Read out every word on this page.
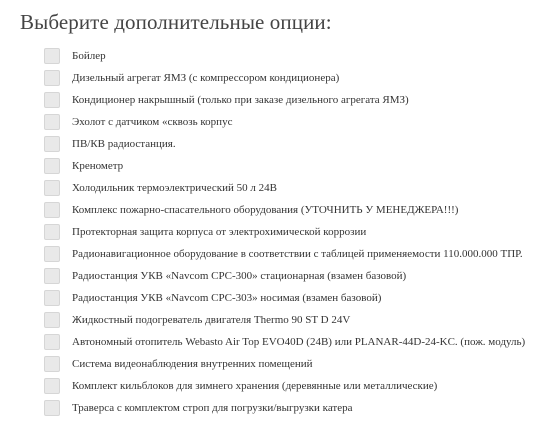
Выберите дополнительные опции:
Бойлер
Дизельный агрегат ЯМЗ (с компрессором кондиционера)
Кондиционер накрышный (только при заказе дизельного агрегата ЯМЗ)
Эхолот с датчиком «сквозь корпус
ПВ/КВ радиостанция.
Кренометр
Холодильник термоэлектрический 50 л 24В
Комплекс пожарно-спасательного оборудования (УТОЧНИТЬ У МЕНЕДЖЕРА!!!)
Протекторная защита корпуса от электрохимической коррозии
Радионавигационное оборудование в соответствии с таблицей применяемости 110.000.000 ТПР.
Радиостанция УКВ «Navcom CPC-300» стационарная (взамен базовой)
Радиостанция УКВ «Navcom CPC-303» носимая (взамен базовой)
Жидкостный подогреватель двигателя Thermo 90 ST D 24V
Автономный отопитель Webasto Air Top EVO40D (24В) или PLANAR-44D-24-KC. (пож. модуль)
Система видеонаблюдения внутренних помещений
Комплект кильблоков для зимнего хранения (деревянные или металлические)
Траверса с комплектом строп для погрузки/выгрузки катера
